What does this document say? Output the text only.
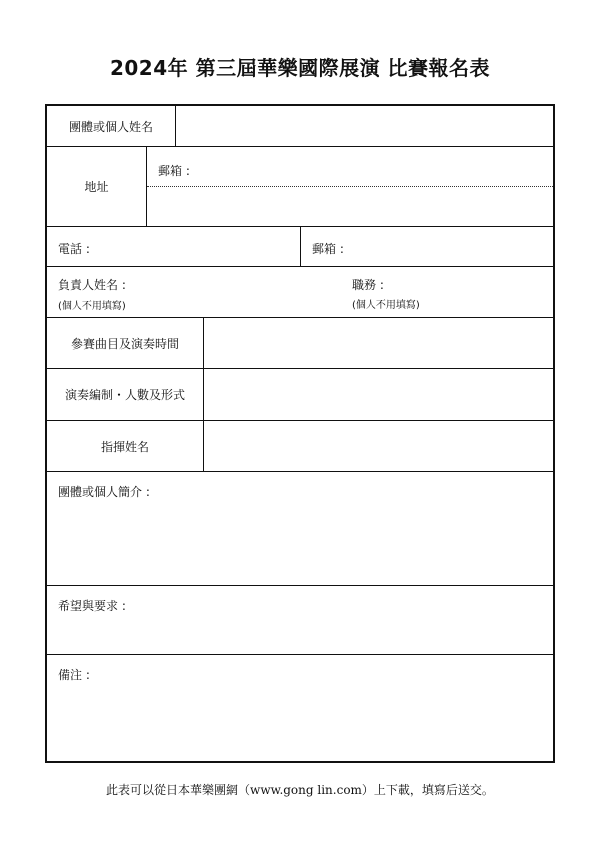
2024年 第三屆華樂國際展演 比賽報名表
團體或個人姓名
地址
郵箱 :
電話 :	郵箱 :
負責人姓名 :
(個人不用填寫)
職務 :
(個人不用填寫)
參賽曲目及演奏時間
演奏編制・人數及形式
指揮姓名
團體或個人簡介 :
希望與要求 :
備注 :
此表可以從日本華樂團網（www.gong lin.com）上下載，填寫后送交。
